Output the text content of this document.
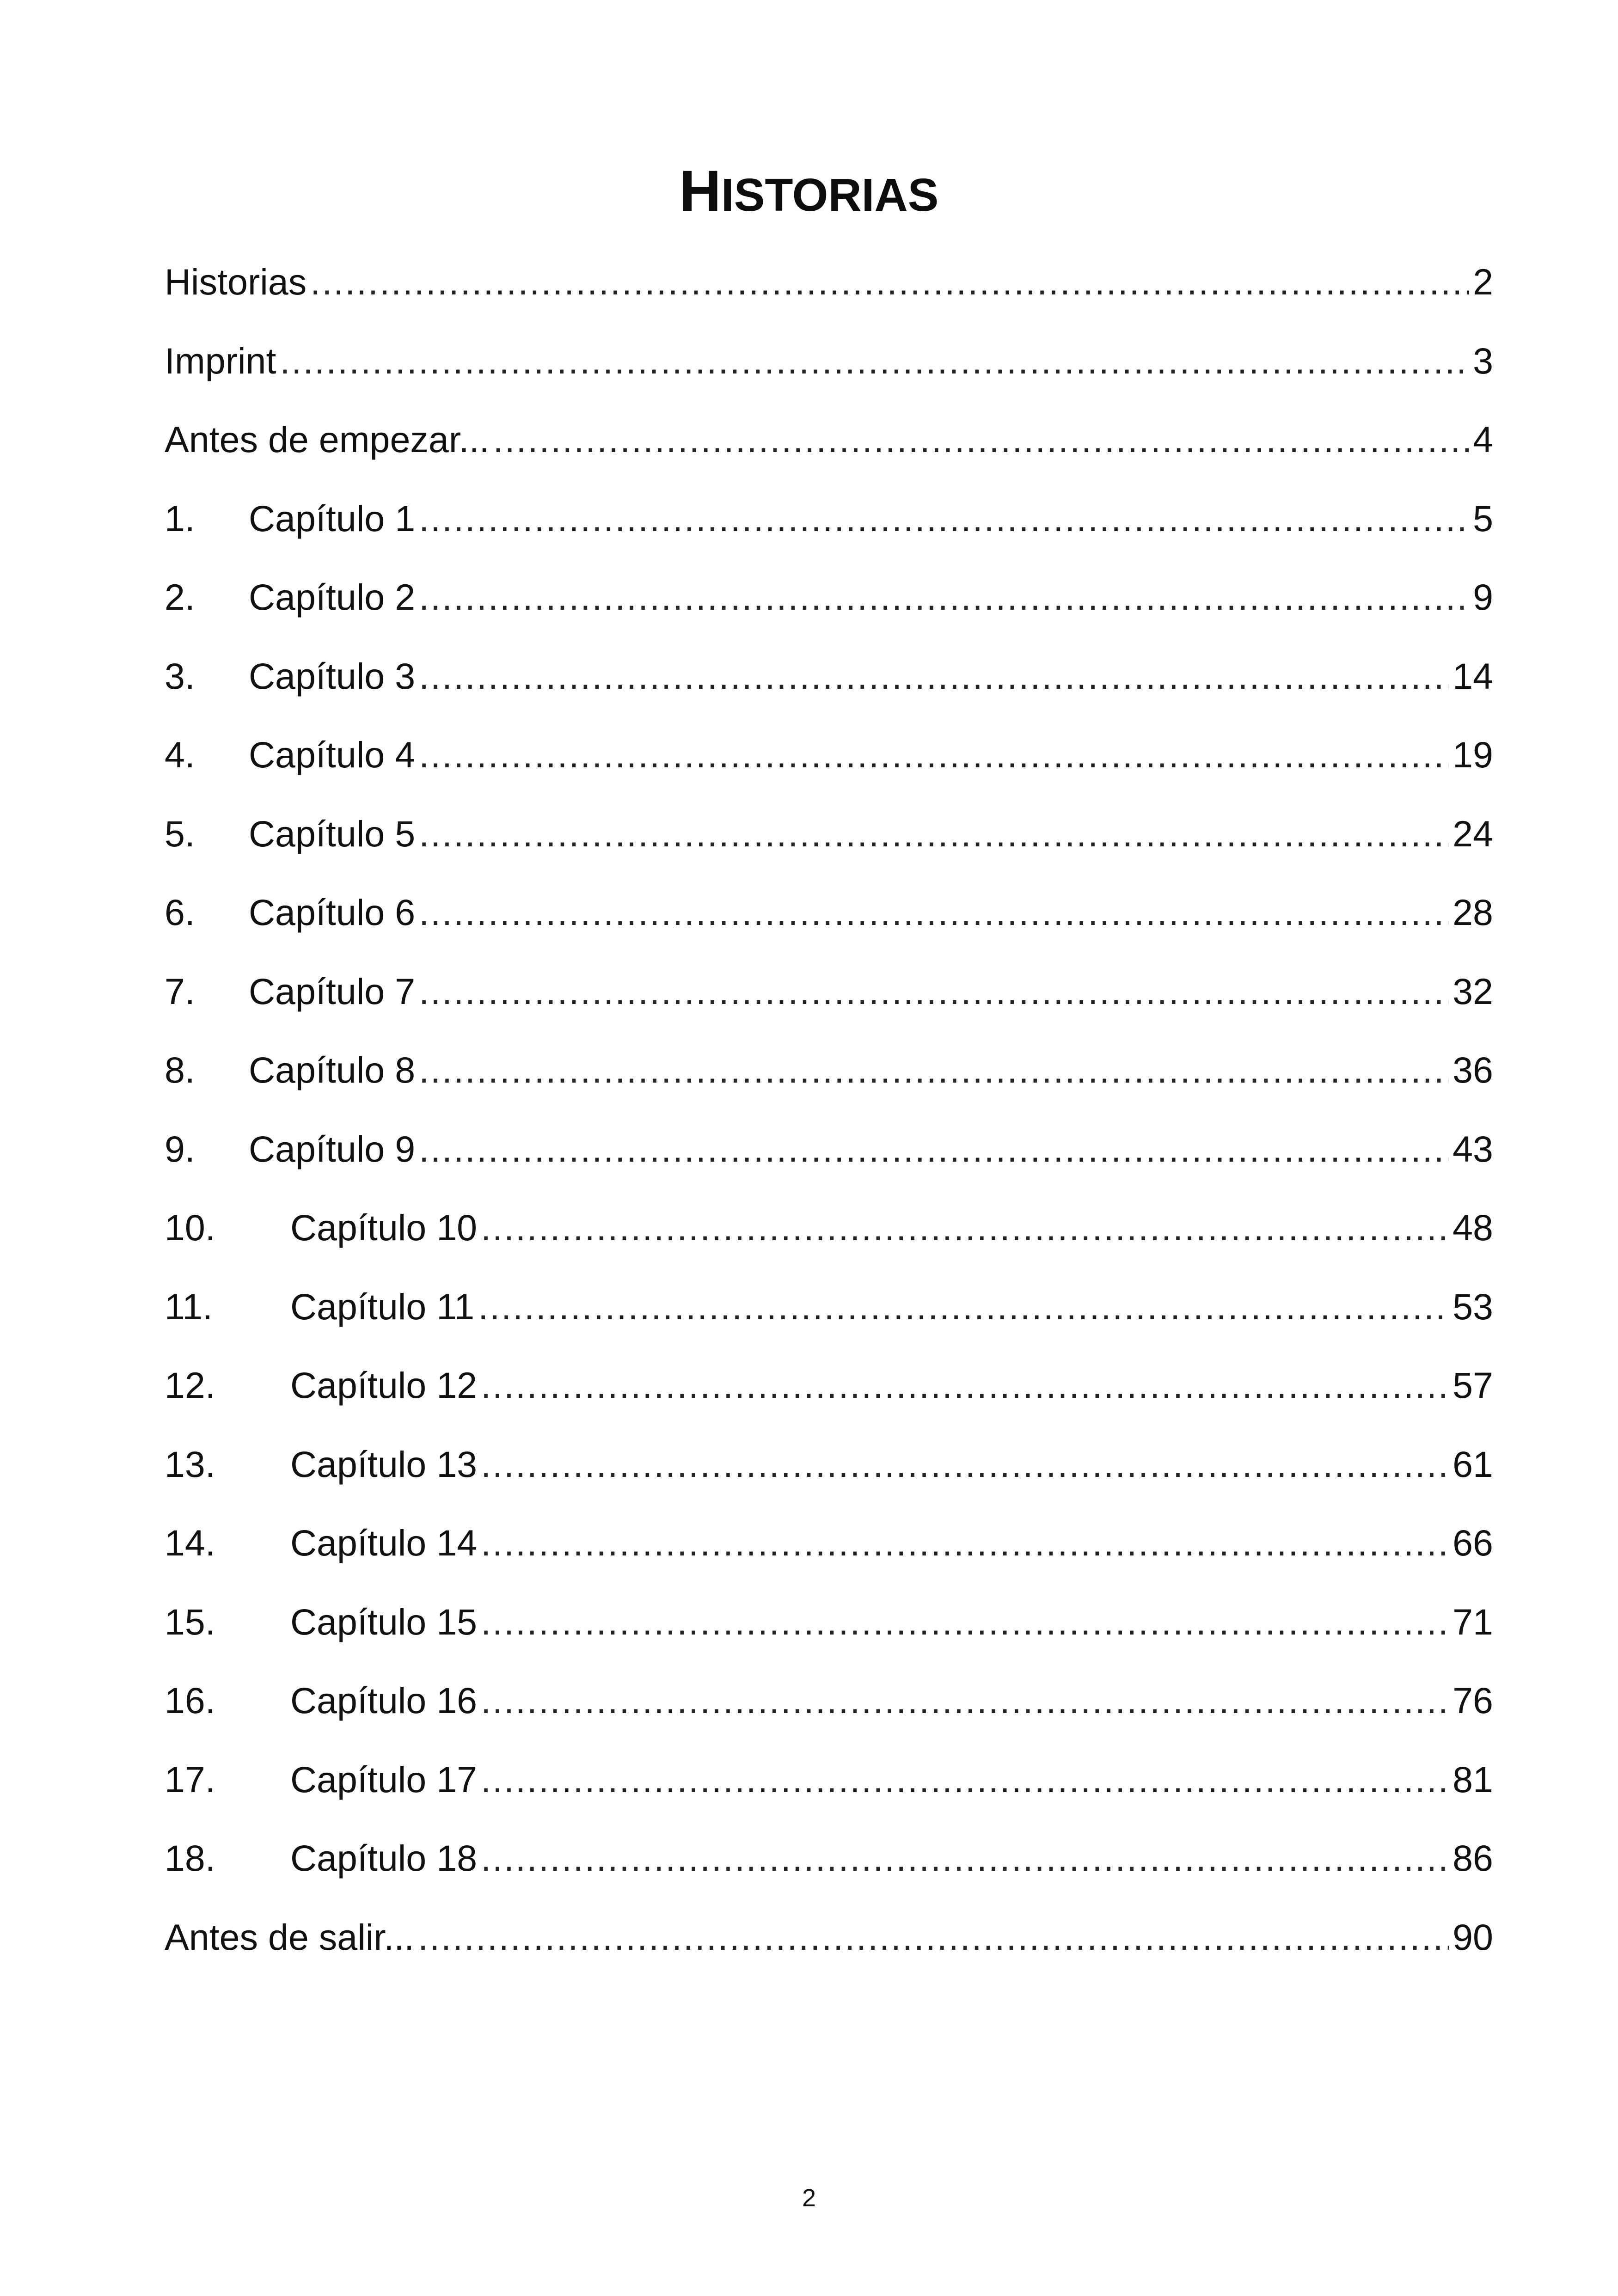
HISTORIAS
Historias .....	2
Imprint .....	3
Antes de empezar... .....	4
1.	Capítulo 1 .....	5
2.	Capítulo 2 .....	9
3.	Capítulo 3 .....	14
4.	Capítulo 4 .....	19
5.	Capítulo 5 .....	24
6.	Capítulo 6 .....	28
7.	Capítulo 7 .....	32
8.	Capítulo 8 .....	36
9.	Capítulo 9 .....	43
10.	Capítulo 10 .....	48
11.	Capítulo 11 .....	53
12.	Capítulo 12 .....	57
13.	Capítulo 13 .....	61
14.	Capítulo 14 .....	66
15.	Capítulo 15 .....	71
16.	Capítulo 16 .....	76
17.	Capítulo 17 .....	81
18.	Capítulo 18 .....	86
Antes de salir... .....	90
2
